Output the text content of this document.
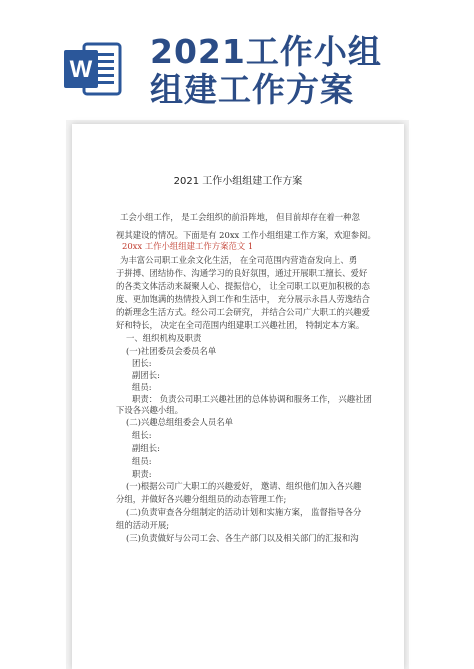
W 2021工作小组
组建工作方案
2021 工作小组组建工作方案
工会小组工作， 是工会组织的前沿阵地， 但目前却存在着一种忽
视其建设的情况。下面是有 20xx 工作小组组建工作方案，欢迎参阅。
20xx 工作小组组建工作方案范文 1
为丰富公司职工业余文化生活， 在全司范围内营造奋发向上、勇
于拼搏、团结协作、沟通学习的良好氛围，通过开展职工擅长、爱好
的各类文体活动来凝聚人心、提振信心， 让全司职工以更加积极的态
度、更加饱满的热情投入到工作和生活中， 充分展示永昌人劳逸结合
的新理念生活方式。经公司工会研究， 并结合公司广大职工的兴趣爱
好和特长， 决定在全司范围内组建职工兴趣社团， 特制定本方案。
一、组织机构及职责
(一)社团委员会委员名单
团长:
副团长:
组员:
职责： 负责公司职工兴趣社团的总体协调和服务工作， 兴趣社团
下设各兴趣小组。
(二)兴趣总组组委会人员名单
组长:
副组长:
组员:
职责:
(一)根据公司广大职工的兴趣爱好， 邀请、组织他们加入各兴趣
分组，并做好各兴趣分组组员的动态管理工作;
(二)负责审查各分组制定的活动计划和实施方案， 监督指导各分
组的活动开展;
(三)负责做好与公司工会、各生产部门以及相关部门的汇报和沟
